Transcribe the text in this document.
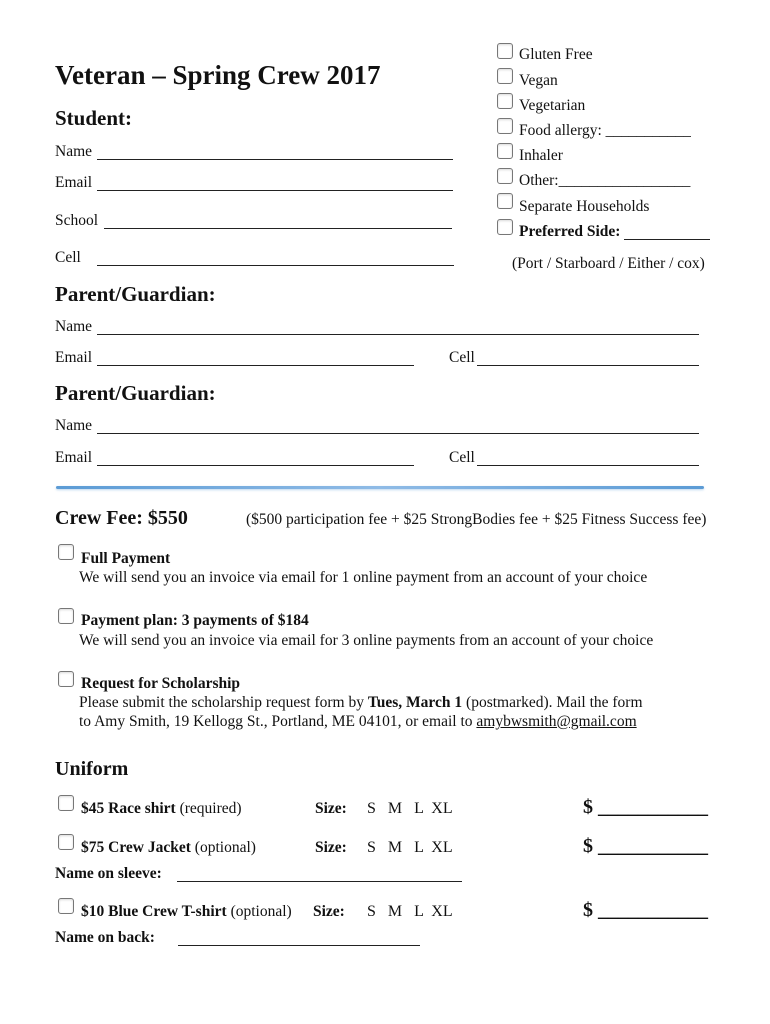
Veteran – Spring Crew 2017
Student:
Name
Email
School
Cell
Gluten Free
Vegan
Vegetarian
Food allergy: ___________
Inhaler
Other:_________________
Separate Households
Preferred Side:
(Port / Starboard / Either / cox)
Parent/Guardian:
Name
Email	Cell
Parent/Guardian:
Name
Email	Cell
Crew Fee: $550	($500 participation fee + $25 StrongBodies fee + $25 Fitness Success fee)
Full Payment
We will send you an invoice via email for 1 online payment from an account of your choice
Payment plan: 3 payments of $184
We will send you an invoice via email for 3 online payments from an account of your choice
Request for Scholarship
Please submit the scholarship request form by Tues, March 1 (postmarked). Mail the form
to Amy Smith, 19 Kellogg St., Portland, ME 04101, or email to amybwsmith@gmail.com
Uniform
$45 Race shirt (required)	Size: S   M   L  XL	$ ___________
$75 Crew Jacket (optional)	Size: S   M   L  XL	$ ___________
Name on sleeve:
$10 Blue Crew T-shirt (optional) Size: S   M   L  XL	$ ___________
Name on back:
